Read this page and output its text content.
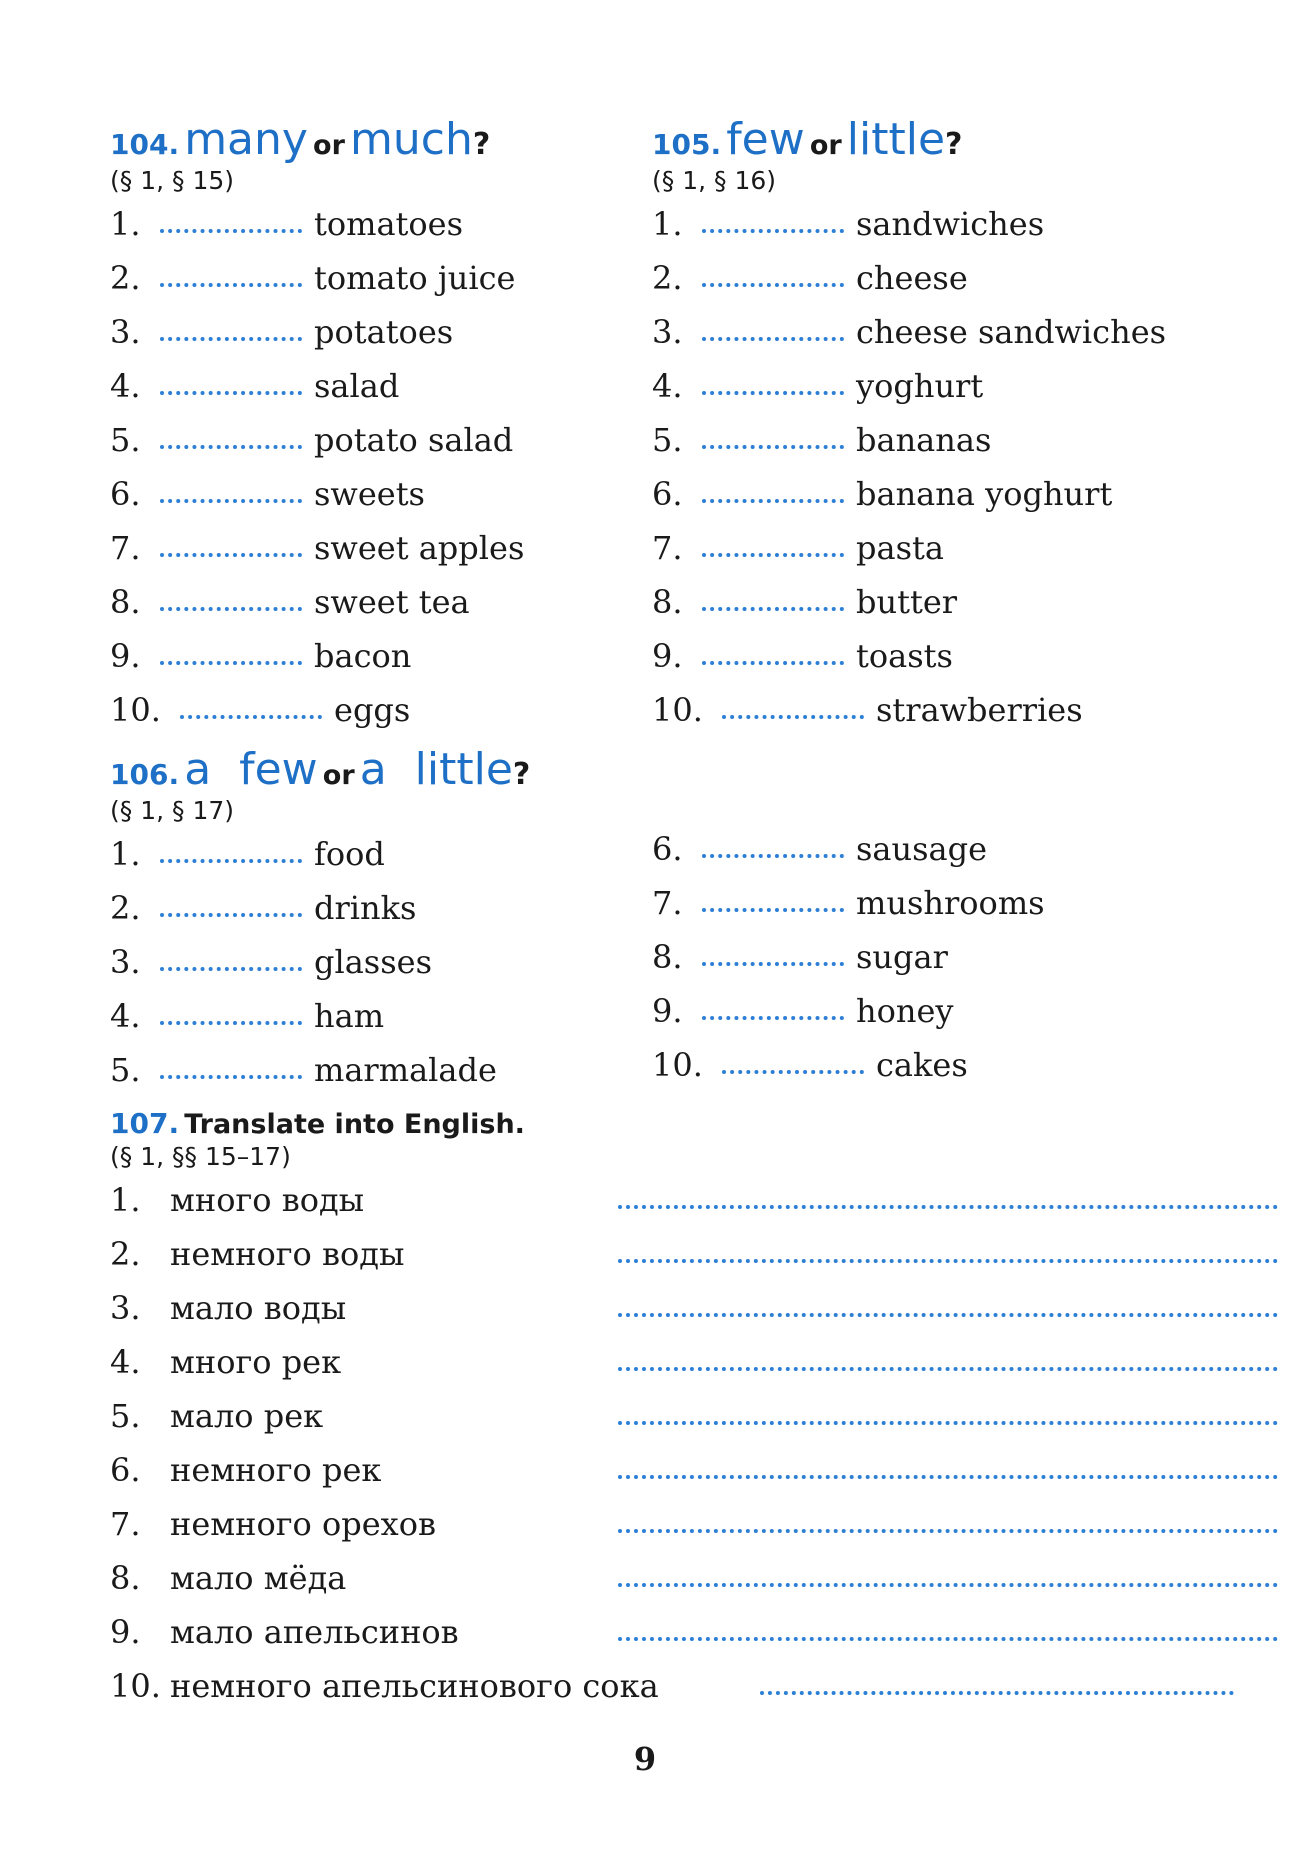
104. many or much?
(§ 1, § 15)
1.	tomatoes
2.	tomato juice
3.	potatoes
4.	salad
5.	potato salad
6.	sweets
7.	sweet apples
8.	sweet tea
9.	bacon
10.	eggs
105. few or little?
(§ 1, § 16)
1.	sandwiches
2.	cheese
3.	cheese sandwiches
4.	yoghurt
5.	bananas
6.	banana yoghurt
7.	pasta
8.	butter
9.	toasts
10.	strawberries
106. a  few or a  little?
(§ 1, § 17)
1.	food
2.	drinks
3.	glasses
4.	ham
5.	marmalade
6.	sausage
7.	mushrooms
8.	sugar
9.	honey
10.	cakes
107. Translate into English.
(§ 1, §§ 15–17)
1. много воды
2. немного воды
3. мало воды
4. много рек
5. мало рек
6. немного рек
7. немного орехов
8. мало мёда
9. мало апельсинов
10. немного апельсинового сока
9
